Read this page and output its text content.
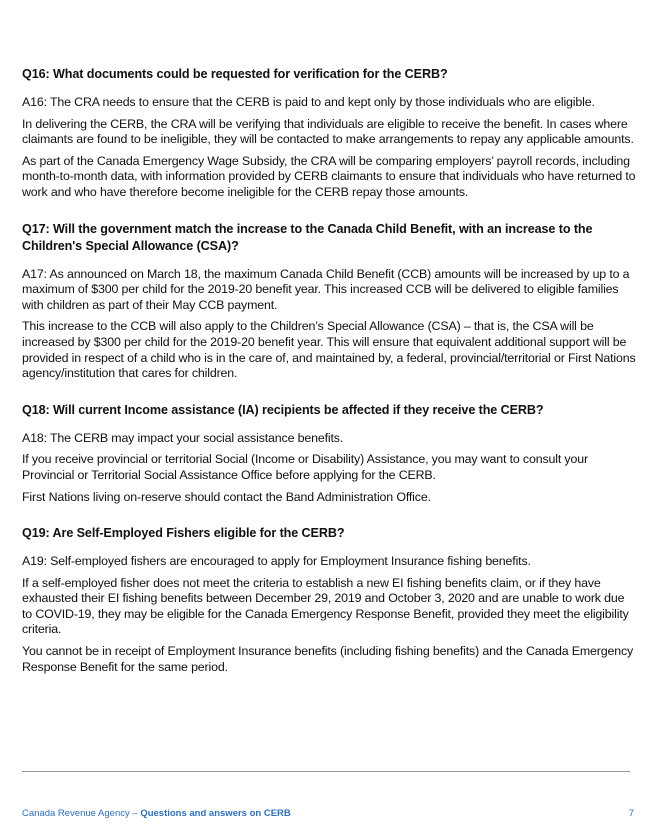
Q16: What documents could be requested for verification for the CERB?

A16: The CRA needs to ensure that the CERB is paid to and kept only by those individuals who are eligible.

In delivering the CERB, the CRA will be verifying that individuals are eligible to receive the benefit. In cases where claimants are found to be ineligible, they will be contacted to make arrangements to repay any applicable amounts.

As part of the Canada Emergency Wage Subsidy, the CRA will be comparing employers’ payroll records, including month-to-month data, with information provided by CERB claimants to ensure that individuals who have returned to work and who have therefore become ineligible for the CERB repay those amounts.

Q17: Will the government match the increase to the Canada Child Benefit, with an increase to the Children's Special Allowance (CSA)?

A17: As announced on March 18, the maximum Canada Child Benefit (CCB) amounts will be increased by up to a maximum of $300 per child for the 2019-20 benefit year. This increased CCB will be delivered to eligible families with children as part of their May CCB payment.

This increase to the CCB will also apply to the Children’s Special Allowance (CSA) – that is, the CSA will be increased by $300 per child for the 2019-20 benefit year. This will ensure that equivalent additional support will be provided in respect of a child who is in the care of, and maintained by, a federal, provincial/territorial or First Nations agency/institution that cares for children.

Q18: Will current Income assistance (IA) recipients be affected if they receive the CERB?

A18: The CERB may impact your social assistance benefits.

If you receive provincial or territorial Social (Income or Disability) Assistance, you may want to consult your Provincial or Territorial Social Assistance Office before applying for the CERB.

First Nations living on-reserve should contact the Band Administration Office.

Q19: Are Self-Employed Fishers eligible for the CERB?

A19: Self-employed fishers are encouraged to apply for Employment Insurance fishing benefits.

If a self-employed fisher does not meet the criteria to establish a new EI fishing benefits claim, or if they have exhausted their EI fishing benefits between December 29, 2019 and October 3, 2020 and are unable to work due to COVID-19, they may be eligible for the Canada Emergency Response Benefit, provided they meet the eligibility criteria.

You cannot be in receipt of Employment Insurance benefits (including fishing benefits) and the Canada Emergency Response Benefit for the same period.

Canada Revenue Agency – Questions and answers on CERB	7
